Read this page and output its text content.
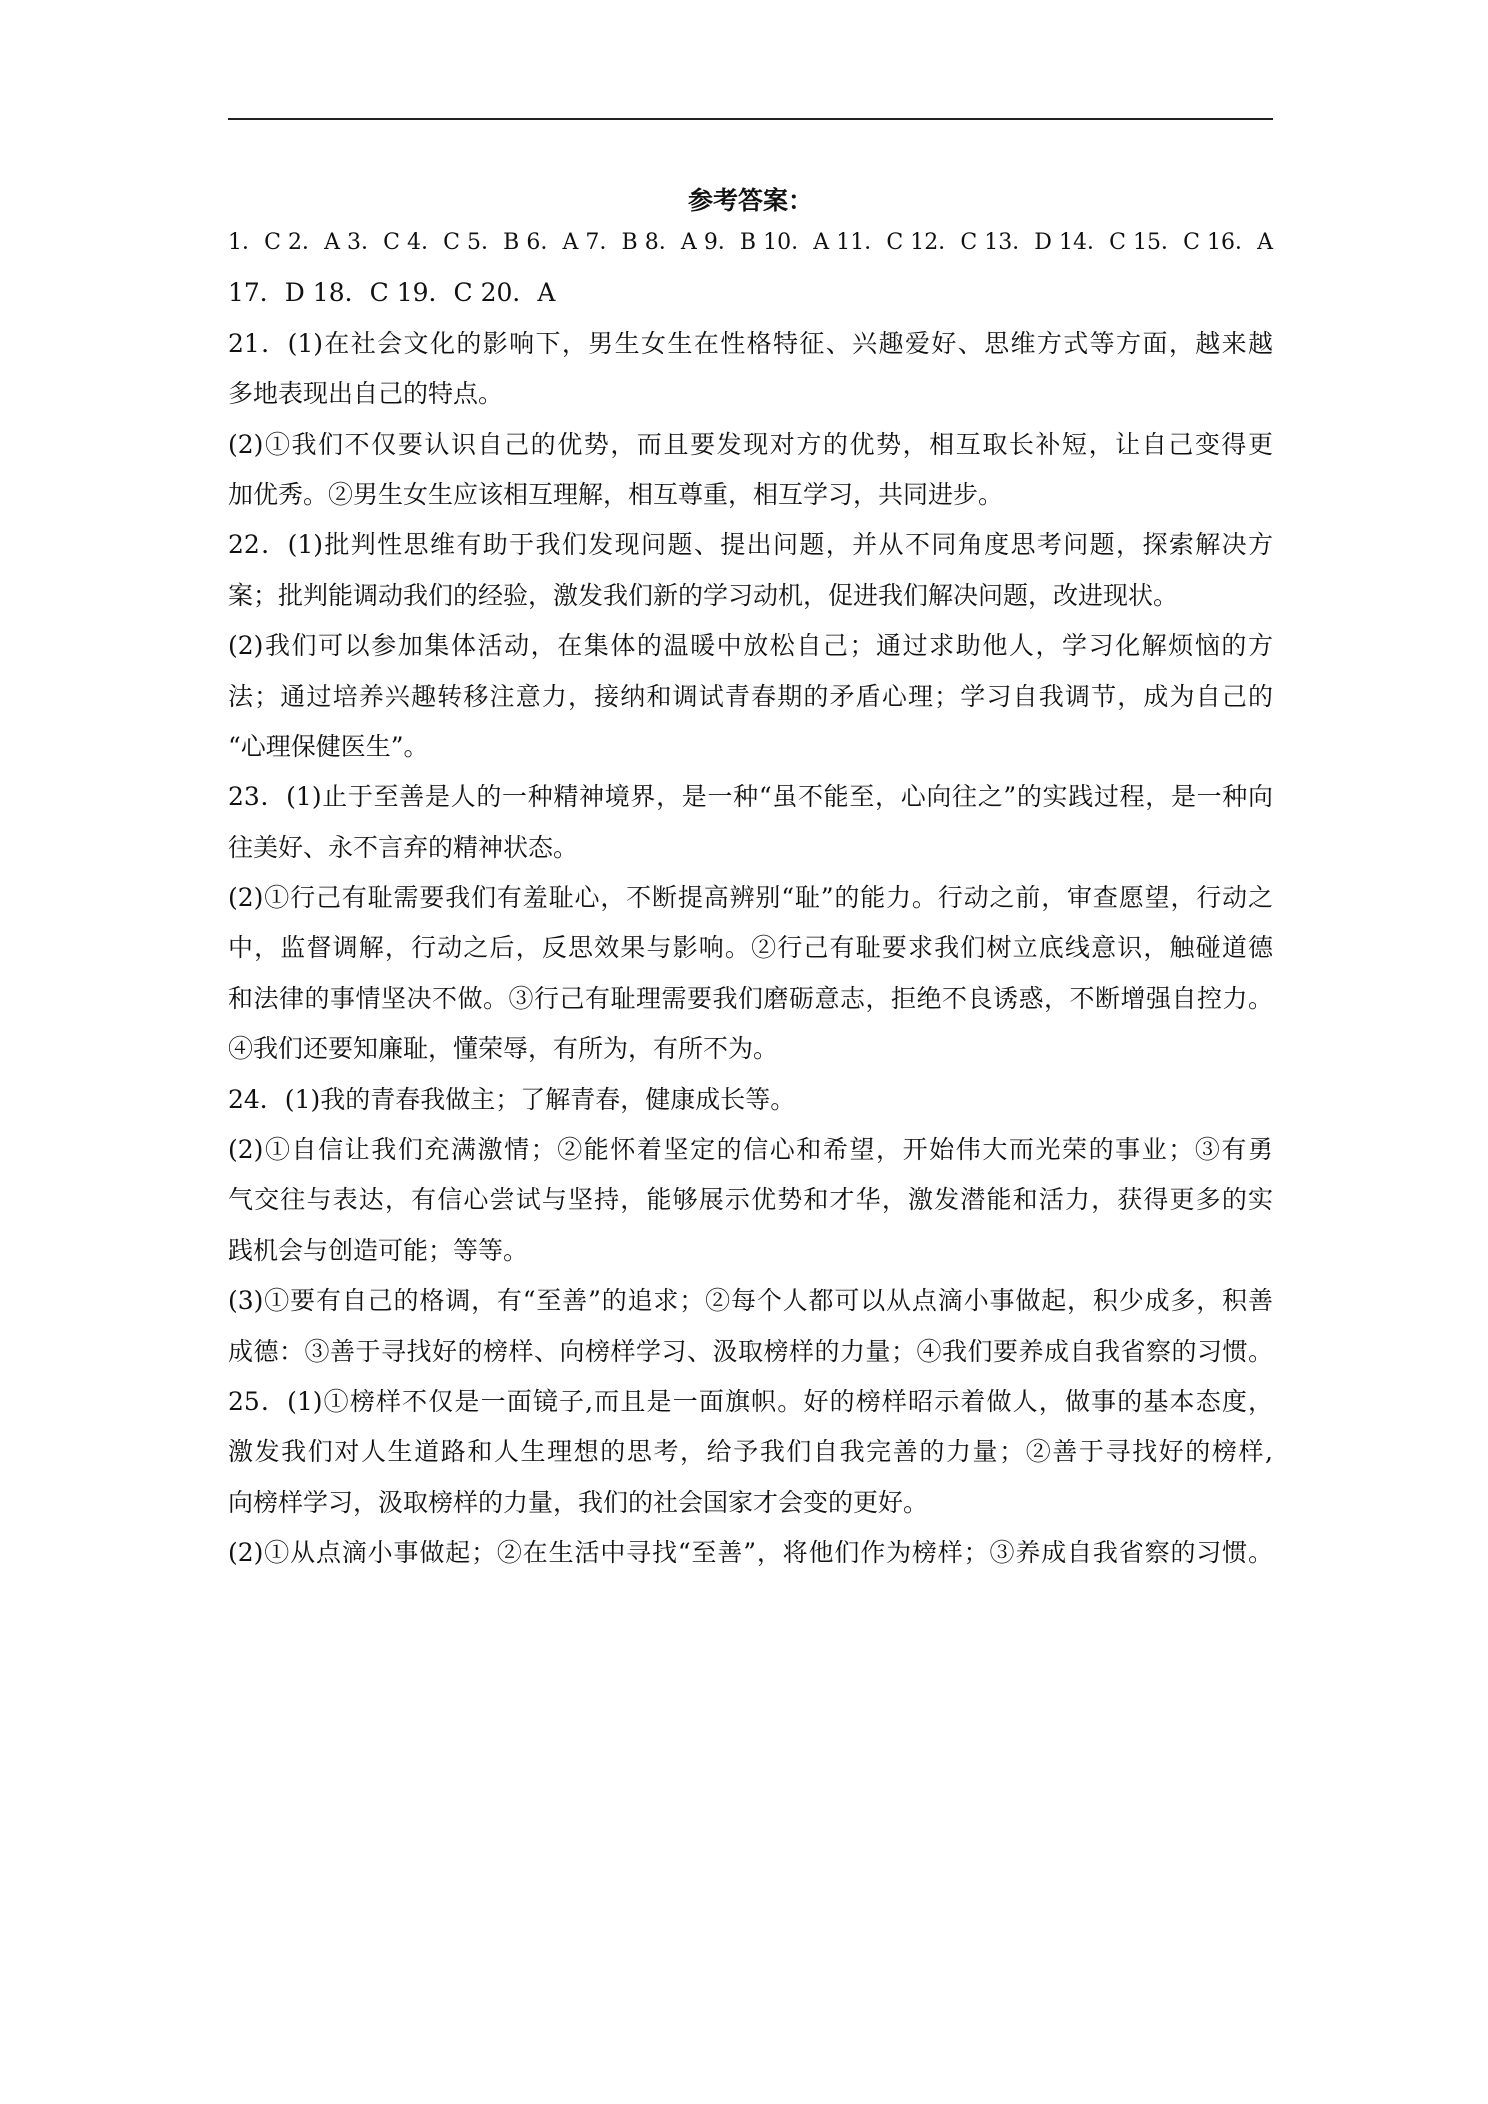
参考答案：
1．C 2．A 3．C 4．C 5．B 6．A 7．B 8．A 9．B 10．A 11．C 12．C 13．D 14．C 15．C 16．A
17．D 18．C 19．C 20．A
21．(1)在社会文化的影响下，男生女生在性格特征、兴趣爱好、思维方式等方面，越来越
多地表现出自己的特点。
(2)①我们不仅要认识自己的优势，而且要发现对方的优势，相互取长补短，让自己变得更
加优秀。②男生女生应该相互理解，相互尊重，相互学习，共同进步。
22．(1)批判性思维有助于我们发现问题、提出问题，并从不同角度思考问题，探索解决方
案；批判能调动我们的经验，激发我们新的学习动机，促进我们解决问题，改进现状。
(2)我们可以参加集体活动，在集体的温暖中放松自己；通过求助他人，学习化解烦恼的方
法；通过培养兴趣转移注意力，接纳和调试青春期的矛盾心理；学习自我调节，成为自己的
“心理保健医生”。
23．(1)止于至善是人的一种精神境界，是一种“虽不能至，心向往之”的实践过程，是一种向
往美好、永不言弃的精神状态。
(2)①行己有耻需要我们有羞耻心，不断提高辨别“耻”的能力。行动之前，审查愿望，行动之
中，监督调解，行动之后，反思效果与影响。②行己有耻要求我们树立底线意识，触碰道德
和法律的事情坚决不做。③行己有耻理需要我们磨砺意志，拒绝不良诱惑，不断增强自控力。
④我们还要知廉耻，懂荣辱，有所为，有所不为。
24．(1)我的青春我做主；了解青春，健康成长等。
(2)①自信让我们充满激情；②能怀着坚定的信心和希望，开始伟大而光荣的事业；③有勇
气交往与表达，有信心尝试与坚持，能够展示优势和才华，激发潜能和活力，获得更多的实
践机会与创造可能；等等。
(3)①要有自己的格调，有“至善”的追求；②每个人都可以从点滴小事做起，积少成多，积善
成德：③善于寻找好的榜样、向榜样学习、汲取榜样的力量；④我们要养成自我省察的习惯。
25．(1)①榜样不仅是一面镜子,而且是一面旗帜。好的榜样昭示着做人，做事的基本态度，
激发我们对人生道路和人生理想的思考，给予我们自我完善的力量；②善于寻找好的榜样,
向榜样学习，汲取榜样的力量，我们的社会国家才会变的更好。
(2)①从点滴小事做起；②在生活中寻找“至善”，将他们作为榜样；③养成自我省察的习惯。
